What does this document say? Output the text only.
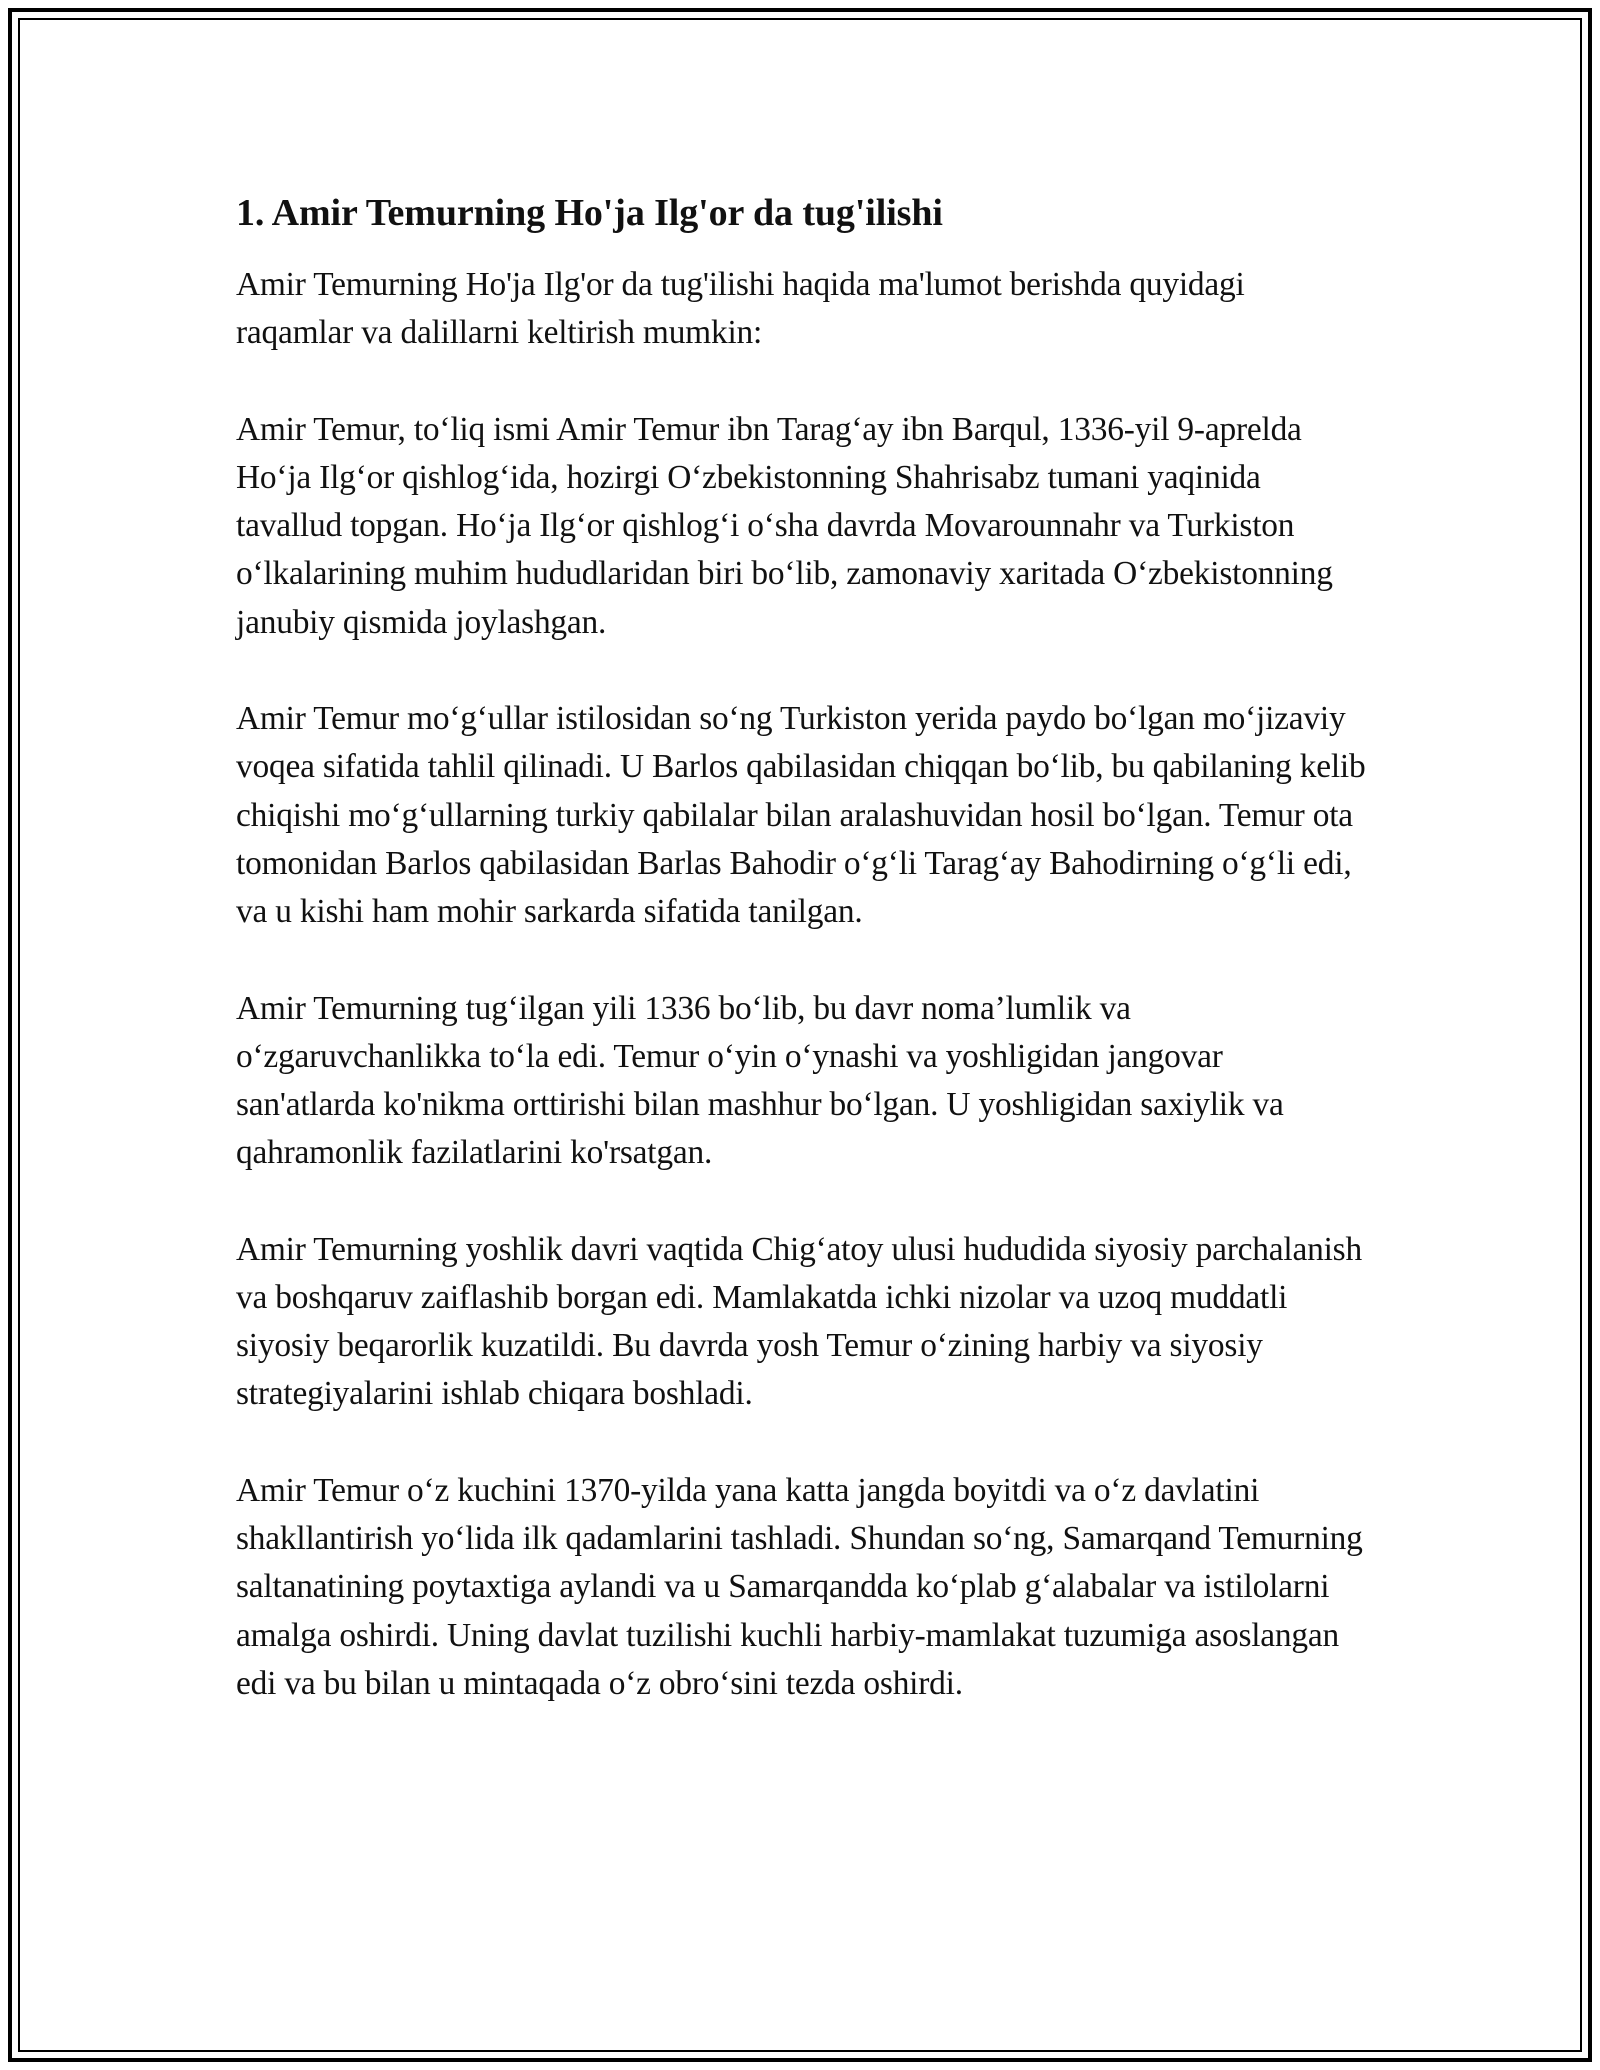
1. Amir Temurning Ho'ja Ilg'or da tug'ilishi

Amir Temurning Ho'ja Ilg'or da tug'ilishi haqida ma'lumot berishda quyidagi raqamlar va dalillarni keltirish mumkin:

Amir Temur, to‘liq ismi Amir Temur ibn Tarag‘ay ibn Barqul, 1336-yil 9-aprelda Ho‘ja Ilg‘or qishlog‘ida, hozirgi O‘zbekistonning Shahrisabz tumani yaqinida tavallud topgan. Ho‘ja Ilg‘or qishlog‘i o‘sha davrda Movarounnahr va Turkiston o‘lkalarining muhim hududlaridan biri bo‘lib, zamonaviy xaritada O‘zbekistonning janubiy qismida joylashgan.

Amir Temur mo‘g‘ullar istilosidan so‘ng Turkiston yerida paydo bo‘lgan mo‘jizaviy voqea sifatida tahlil qilinadi. U Barlos qabilasidan chiqqan bo‘lib, bu qabilaning kelib chiqishi mo‘g‘ullarning turkiy qabilalar bilan aralashuvidan hosil bo‘lgan. Temur ota tomonidan Barlos qabilasidan Barlas Bahodir o‘g‘li Tarag‘ay Bahodirning o‘g‘li edi, va u kishi ham mohir sarkarda sifatida tanilgan.

Amir Temurning tug‘ilgan yili 1336 bo‘lib, bu davr noma’lumlik va o‘zgaruvchanlikka to‘la edi. Temur o‘yin o‘ynashi va yoshligidan jangovar san'atlarda ko'nikma orttirishi bilan mashhur bo‘lgan. U yoshligidan saxiylik va qahramonlik fazilatlarini ko'rsatgan.

Amir Temurning yoshlik davri vaqtida Chig‘atoy ulusi hududida siyosiy parchalanish va boshqaruv zaiflashib borgan edi. Mamlakatda ichki nizolar va uzoq muddatli siyosiy beqarorlik kuzatildi. Bu davrda yosh Temur o‘zining harbiy va siyosiy strategiyalarini ishlab chiqara boshladi.

Amir Temur o‘z kuchini 1370-yilda yana katta jangda boyitdi va o‘z davlatini shakllantirish yo‘lida ilk qadamlarini tashladi. Shundan so‘ng, Samarqand Temurning saltanatining poytaxtiga aylandi va u Samarqandda ko‘plab g‘alabalar va istilolarni amalga oshirdi. Uning davlat tuzilishi kuchli harbiy-mamlakat tuzumiga asoslangan edi va bu bilan u mintaqada o‘z obro‘sini tezda oshirdi.
